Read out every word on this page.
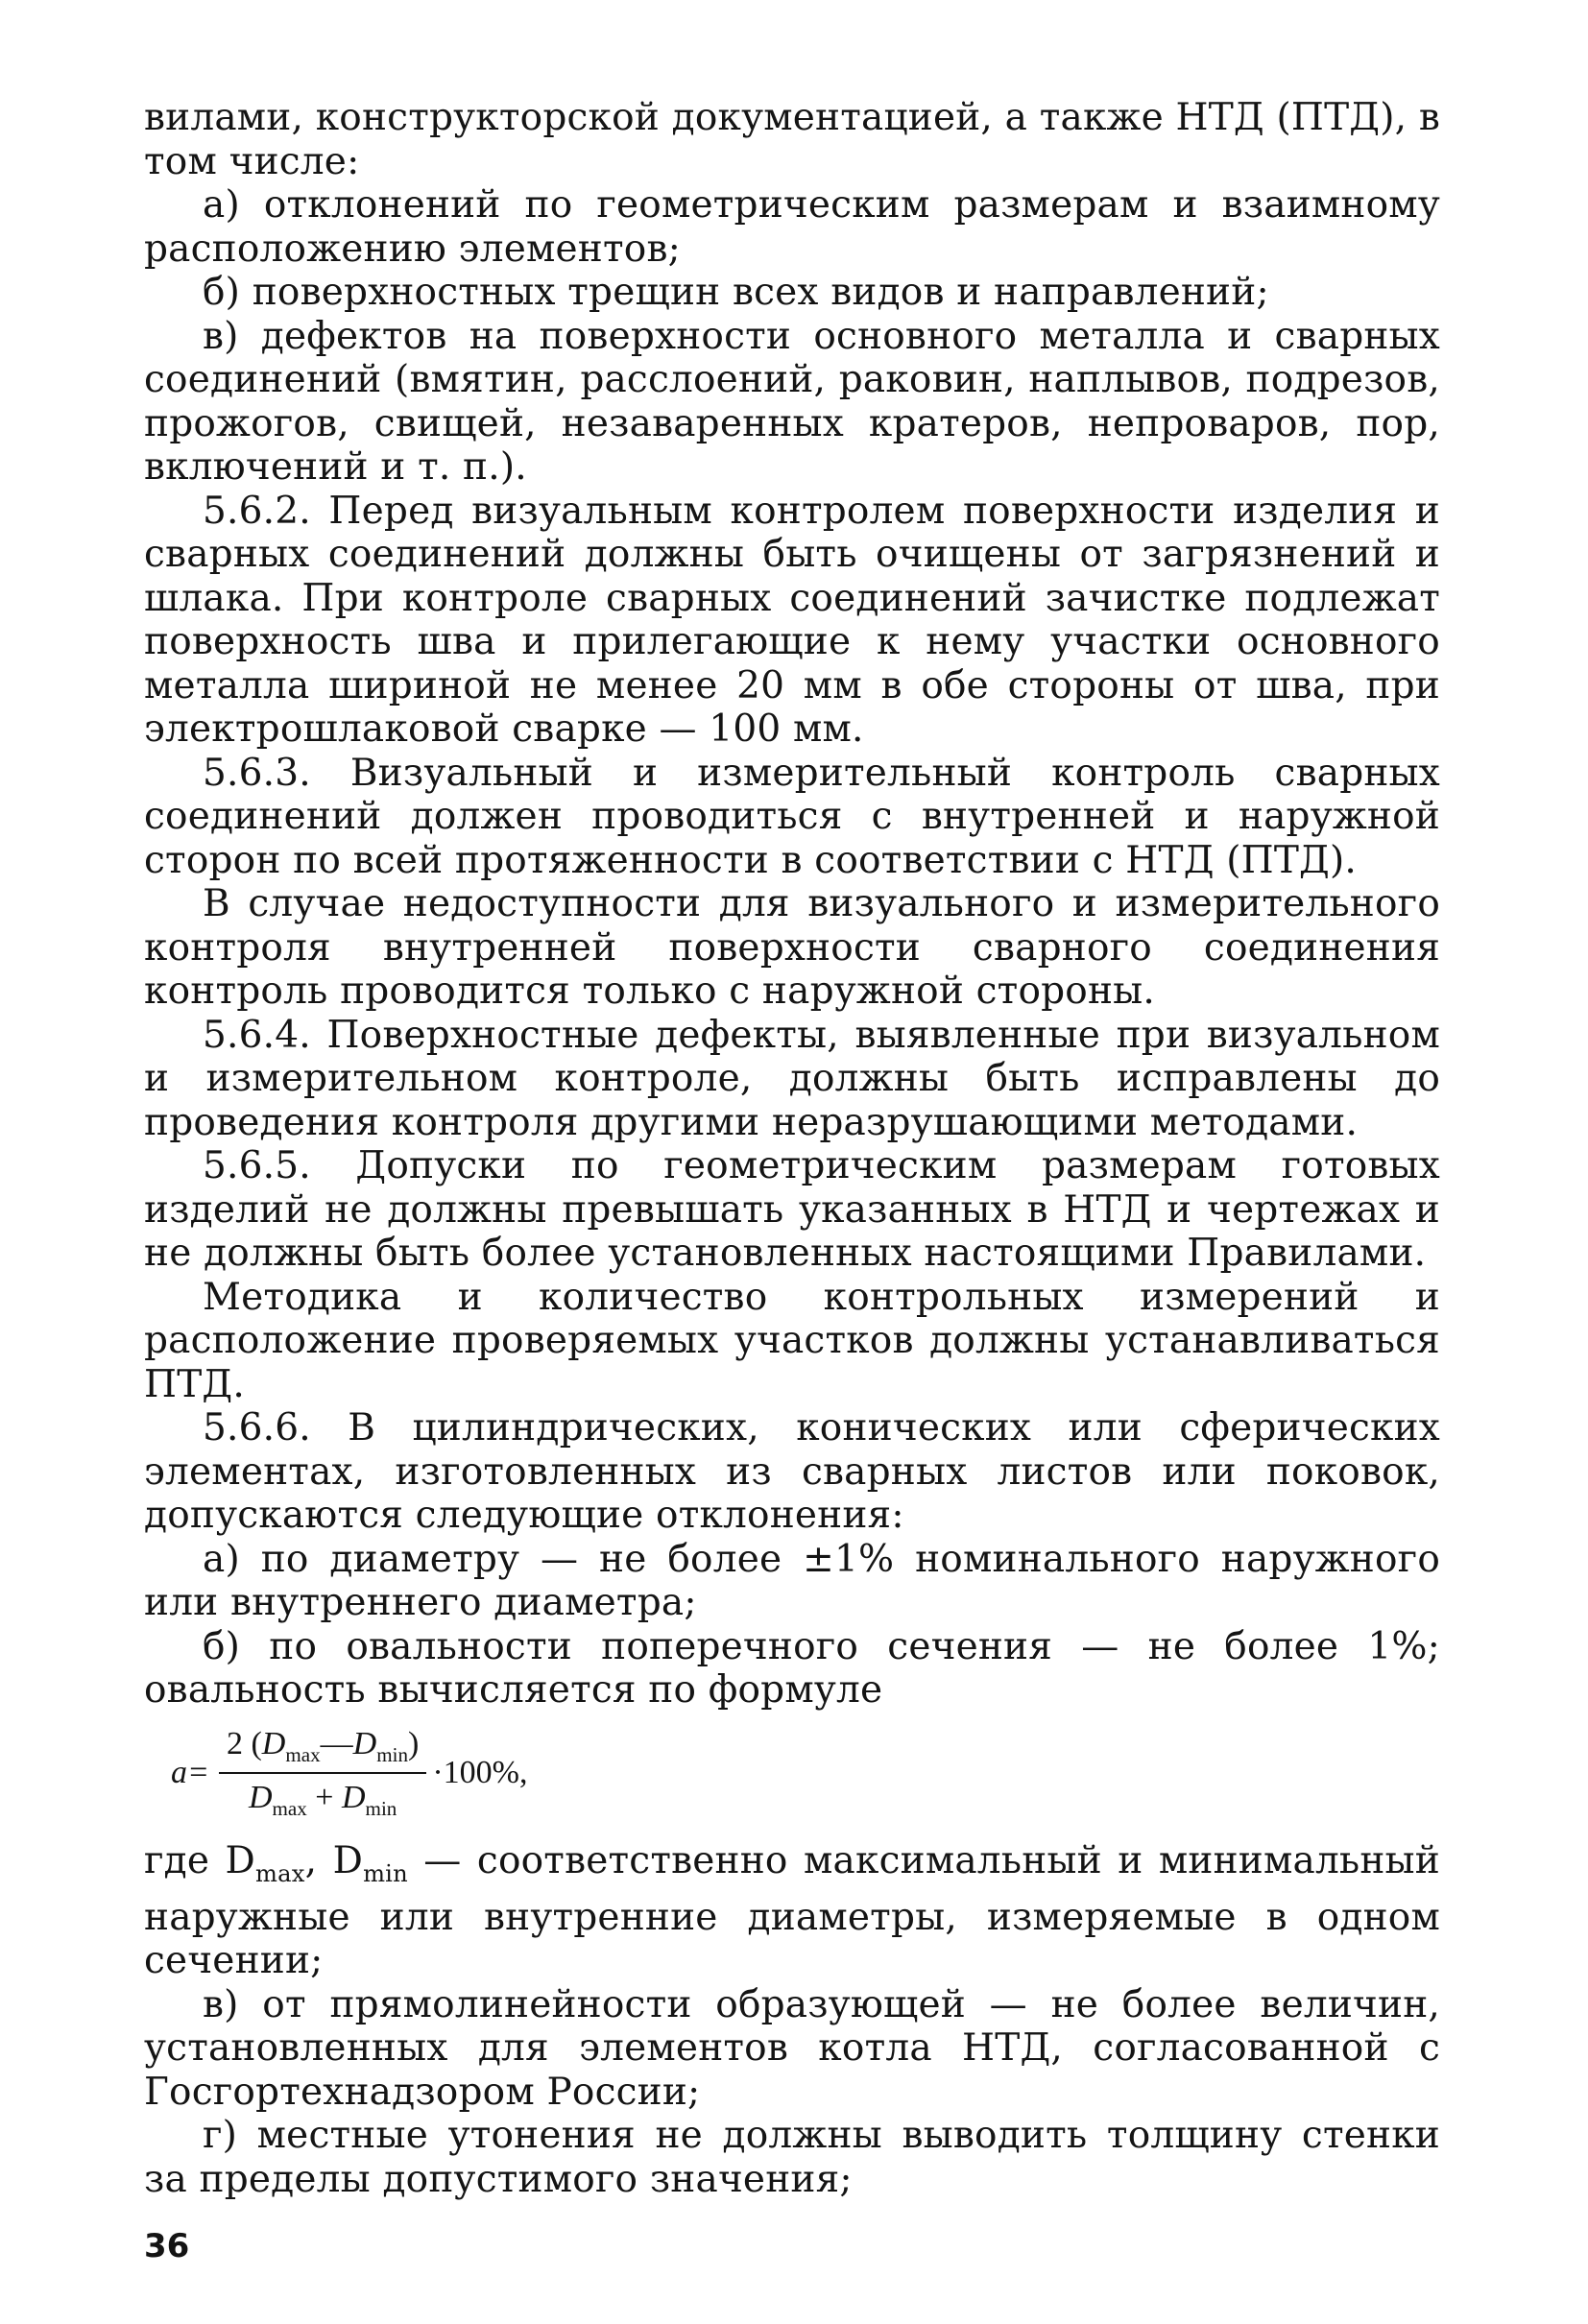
вилами, конструкторской документацией, а также НТД (ПТД), в том числе:

а) отклонений по геометрическим размерам и взаимному расположению элементов;

б) поверхностных трещин всех видов и направлений;

в) дефектов на поверхности основного металла и сварных соединений (вмятин, расслоений, раковин, наплывов, подрезов, прожогов, свищей, незаваренных кратеров, непроваров, пор, включений и т. п.).

5.6.2. Перед визуальным контролем поверхности изделия и сварных соединений должны быть очищены от загрязнений и шлака. При контроле сварных соединений зачистке подлежат поверхность шва и прилегающие к нему участки основного металла шириной не менее 20 мм в обе стороны от шва, при электрошлаковой сварке — 100 мм.

5.6.3. Визуальный и измерительный контроль сварных соединений должен проводиться с внутренней и наружной сторон по всей протяженности в соответствии с НТД (ПТД).

В случае недоступности для визуального и измерительного контроля внутренней поверхности сварного соединения контроль проводится только с наружной стороны.

5.6.4. Поверхностные дефекты, выявленные при визуальном и измерительном контроле, должны быть исправлены до проведения контроля другими неразрушающими методами.

5.6.5. Допуски по геометрическим размерам готовых изделий не должны превышать указанных в НТД и чертежах и не должны быть более установленных настоящими Правилами.

Методика и количество контрольных измерений и расположение проверяемых участков должны устанавливаться ПТД.

5.6.6. В цилиндрических, конических или сферических элементах, изготовленных из сварных листов или поковок, допускаются следующие отклонения:

а) по диаметру — не более ±1% номинального наружного или внутреннего диаметра;

б) по овальности поперечного сечения — не более 1%; овальность вычисляется по формуле

$a= \frac{2 (D_{max}—D_{min})}{D_{max} + D_{min}} \cdot 100\%$,

где $D_{max}$, $D_{min}$ — соответственно максимальный и минимальный наружные или внутренние диаметры, измеряемые в одном сечении;

в) от прямолинейности образующей — не более величин, установленных для элементов котла НТД, согласованной с Госгортехнадзором России;

г) местные утонения не должны выводить толщину стенки за пределы допустимого значения;

36
